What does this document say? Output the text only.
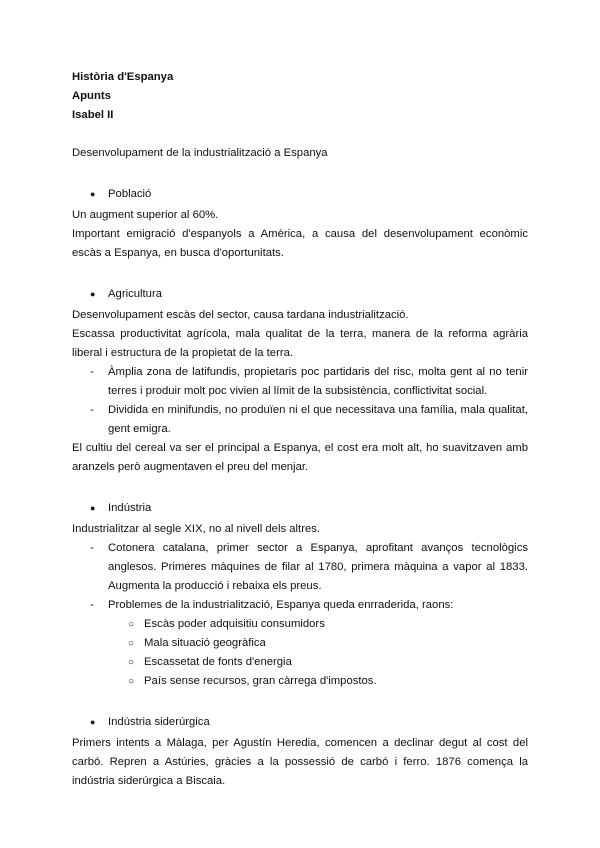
Història d'Espanya
Apunts
Isabel II
Desenvolupament de la industrialització a Espanya
● Població
Un augment superior al 60%.
Important emigració d'espanyols a Amèrica, a causa del desenvolupament econòmic escàs a Espanya, en busca d'oportunitats.
● Agricultura
Desenvolupament escàs del sector, causa tardana industrialització.
Escassa productivitat agrícola, mala qualitat de la terra, manera de la reforma agrària liberal i estructura de la propietat de la terra.
- Àmplia zona de latifundis, propietaris poc partidaris del risc, molta gent al no tenir terres i produir molt poc vivien al límit de la subsistència, conflictivitat social.
- Dividida en minifundis, no produïen ni el que necessitava una família, mala qualitat, gent emigra.
El cultiu del cereal va ser el principal a Espanya, el cost era molt alt, ho suavitzaven amb aranzels però augmentaven el preu del menjar.
● Indústria
Industrialitzar al segle XIX, no al nivell dels altres.
- Cotonera catalana, primer sector a Espanya, aprofitant avanços tecnològics anglesos. Primeres màquines de filar al 1780, primera màquina a vapor al 1833. Augmenta la producció i rebaixa els preus.
- Problemes de la industrialització, Espanya queda enrraderida, raons:
○ Escàs poder adquisitiu consumidors
○ Mala situació geogràfica
○ Escassetat de fonts d'energia
○ País sense recursos, gran càrrega d'impostos.
● Indústria siderúrgica
Primers intents a Màlaga, per Agustín Heredia, comencen a declinar degut al cost del carbó. Repren a Astúries, gràcies a la possessió de carbó i ferro. 1876 comença la indústria siderúrgica a Biscaia.
